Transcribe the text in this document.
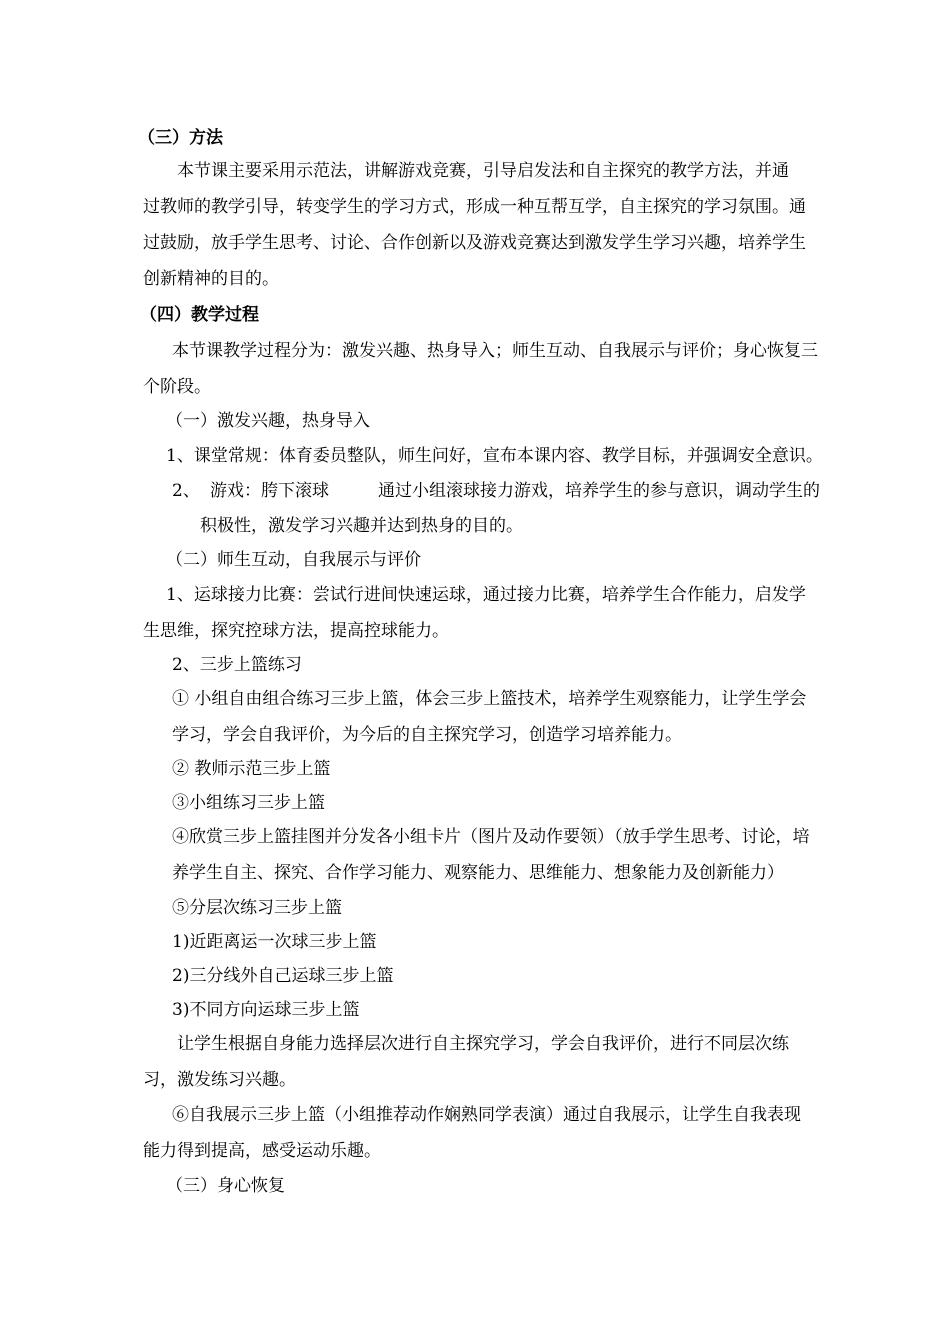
（三）方法
本节课主要采用示范法，讲解游戏竞赛，引导启发法和自主探究的教学方法，并通
过教师的教学引导，转变学生的学习方式，形成一种互帮互学，自主探究的学习氛围。通
过鼓励，放手学生思考、讨论、合作创新以及游戏竞赛达到激发学生学习兴趣，培养学生
创新精神的目的。
（四）教学过程
本节课教学过程分为：激发兴趣、热身导入；师生互动、自我展示与评价；身心恢复三
个阶段。
（一）激发兴趣，热身导入
1、课堂常规：体育委员整队，师生问好，宣布本课内容、教学目标，并强调安全意识。
2、 游戏：胯下滚球	通过小组滚球接力游戏，培养学生的参与意识，调动学生的
积极性，激发学习兴趣并达到热身的目的。
（二）师生互动，自我展示与评价
1、运球接力比赛：尝试行进间快速运球，通过接力比赛，培养学生合作能力，启发学
生思维，探究控球方法，提高控球能力。
2、三步上篮练习
① 小组自由组合练习三步上篮，体会三步上篮技术，培养学生观察能力，让学生学会
学习，学会自我评价，为今后的自主探究学习，创造学习培养能力。
② 教师示范三步上篮
③小组练习三步上篮
④欣赏三步上篮挂图并分发各小组卡片（图片及动作要领）（放手学生思考、讨论，培
养学生自主、探究、合作学习能力、观察能力、思维能力、想象能力及创新能力）
⑤分层次练习三步上篮
1)近距离运一次球三步上篮
2)三分线外自己运球三步上篮
3)不同方向运球三步上篮
让学生根据自身能力选择层次进行自主探究学习，学会自我评价，进行不同层次练
习，激发练习兴趣。
⑥自我展示三步上篮（小组推荐动作娴熟同学表演）通过自我展示，让学生自我表现
能力得到提高，感受运动乐趣。
（三）身心恢复
